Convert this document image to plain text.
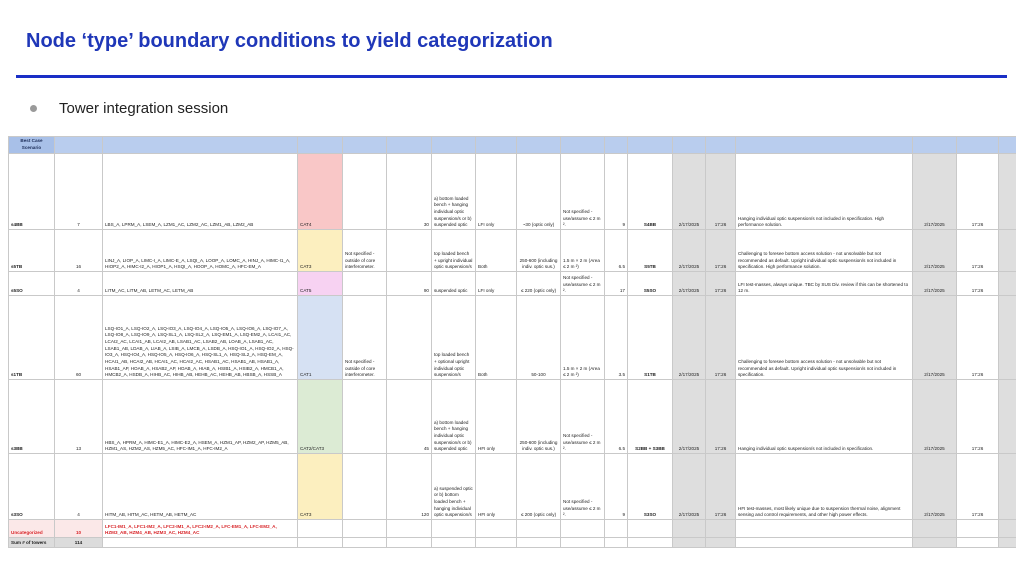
Node ‘type’ boundary conditions to yield categorization
Tower integration session
Best Case Scenario																	
s4BB	7	LBS_A, LPRM_A, LSEM_A, LZM1_AC, LZM2_AC, LZM1_AB, LZM2_AB	CAT4		30	a) bottom loaded bench + hanging individual optic suspension/s or b) suspended optic	LFI only	~30 (optic only)	Not specified - use/assume ≤ 2 m ².	9	S4BB	2/17/2025	17:26	Hanging individual optic suspension/s not included in specification. High performance solution.	2/17/2025	17:26	
s5TB	16	LINJ_A, LIOP_A, LIMC-I_A, LIMC-E_A, LSQI_A, LOOP_A, LOMC_A, HINJ_A, HIMC-I1_A, HIOP2_A, HIMC-I2_A, HIOP1_A, HSQI_A, HOOP_A, HOMC_A, HFC-EM_A	CAT3	Not specified - outside of core interferometer.		top loaded bench + upright individual optic suspension/s	Both	250-600 (including indiv. optic sus.)	1.5 m × 2 m (Area ≤ 2 m ²)	6.5	S5TB	2/17/2025	17:26	Challenging to foresee bottom access solution - not unsolvable but not recommended as default. Upright individual optic suspension/s not included in specification. High performance solution.	2/17/2025	17:26	
s5SO	4	LITM_AC, LITM_AB, LETM_AC, LETM_AB	CAT5		90	suspended optic	LFI only	≤ 220 (optic only)	Not specified - use/assume ≤ 2 m ².	17	S5SO	2/17/2025	17:26	LFI test-masses, always unique. TBC by SUS Div. review if this can be shortened to 12 m.	2/17/2025	17:26	
s1TB	60	LSQ-IO1_A, LSQ-IO2_A, LSQ-IO3_A, LSQ-IO4_A, LSQ-IO5_A, LSQ-IO6_A, LSQ-IO7_A, LSQ-IO8_A, LSQ-IO9_A, LSQ-SL1_A, LSQ-SL2_A, LSQ-EM1_A, LSQ-EM2_A, LCAI1_AC, LCAI2_AC, LCAI1_AB, LCAI2_AB, LSAB1_AC, LSAB2_AB, LOAB_A, LSAB1_AC, LSAB1_AB, LDAB_A, LIAB_A, LSIB_A, LMCB_A, LSDB_A, HSQ-IO1_A, HSQ-IO2_A, HSQ-IO3_A, HSQ-IO4_A, HSQ-IO5_A, HSQ-IO6_A, HSQ-SL1_A, HSQ-SL2_A, HSQ-EM_A, HCAI1_AB, HCAI2_AB, HCAI1_AC, HCAI2_AC, HSAB1_AC, HSAB1_AB, HSAB1_A, HSAB1_AP, HOAB_A, HSAB2_AP, HOAB_A, HIAB_A, HSIB1_A, HSIB2_A, HMCB1_A, HMCB2_A, HSDB_A, HIHB_AC, HIHB_AB, HEHB_AC, HEHB_AB, HBSB_A, HSSB_A	CAT1	Not specified - outside of core interferometer.		top loaded bench + optional upright individual optic suspension/s	Both	50-100	1.5 m × 2 m (Area ≤ 2 m ²)	3.5	S1TB	2/17/2025	17:26	Challenging to foresee bottom access solution - not unsolvable but not recommended as default. Upright individual optic suspension/s not included in specification.	2/17/2025	17:26	
s3BB	13	HBS_A, HPRM_A, HIMC-E1_A, HIMC-E2_A, HSEM_A, HZM1_AP, HZM2_AP, HZM5_AB, HZM1_AS, HZM2_AS, HZM5_AC, HFC-IM1_A, HFC-IM2_A	CAT2/CAT3		45	a) bottom loaded bench + hanging individual optic suspension/s or b) suspended optic	HFI only	250-600 (including indiv. optic sus.)	Not specified - use/assume ≤ 2 m ².	6.5	S2BB + S3BB	2/17/2025	17:26	Hanging individual optic suspension/s not included in specification.	2/17/2025	17:26	
s3SO	4	HITM_AB, HITM_AC, HETM_AB, HETM_AC	CAT3		120	a) suspended optic or b) bottom loaded bench + hanging individual optic suspension/s	HFI only	≤ 200 (optic only)	Not specified - use/assume ≤ 2 m ².	9	S3SO	2/17/2025	17:26	HFI test-masses, most likely unique due to suspension thermal noise, alignment sensing and control requirements, and other high power effects.	2/17/2025	17:26	
Uncategorized	10	LFC1-IM1_A, LFC1-IM2_A, LFC2-IM1_A, LFC2-IM2_A, LFC-EM1_A, LFC-EM2_A, HZM3_AB, HZM4_AB, HZM3_AC, HZM4_AC															
Sum # of towers	114																
